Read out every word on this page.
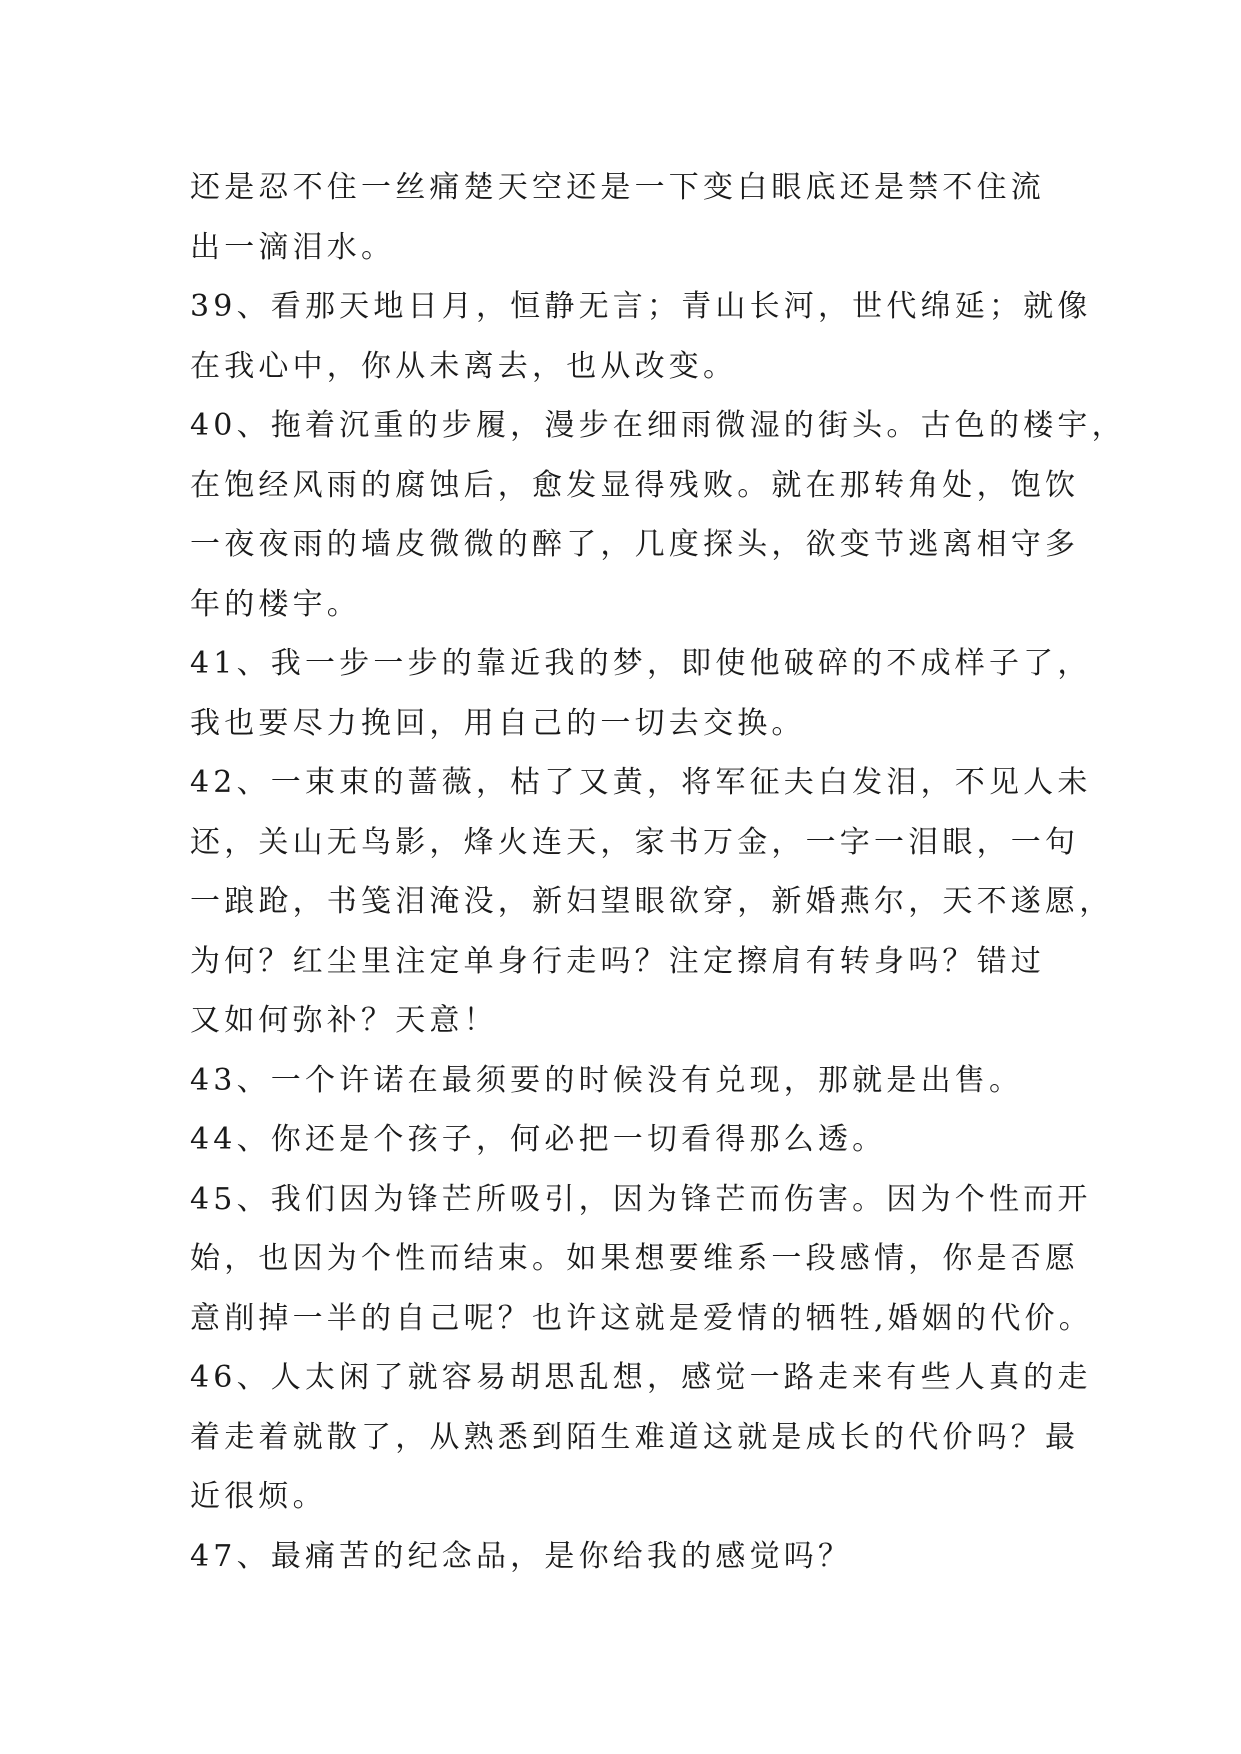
还是忍不住一丝痛楚天空还是一下变白眼底还是禁不住流
出一滴泪水。
39、看那天地日月，恒静无言；青山长河，世代绵延；就像
在我心中，你从未离去，也从改变。
40、拖着沉重的步履，漫步在细雨微湿的街头。古色的楼宇，
在饱经风雨的腐蚀后，愈发显得残败。就在那转角处，饱饮
一夜夜雨的墙皮微微的醉了，几度探头，欲变节逃离相守多
年的楼宇。
41、我一步一步的靠近我的梦，即使他破碎的不成样子了，
我也要尽力挽回，用自己的一切去交换。
42、一束束的蔷薇，枯了又黄，将军征夫白发泪，不见人未
还，关山无鸟影，烽火连天，家书万金，一字一泪眼，一句
一踉跄，书笺泪淹没，新妇望眼欲穿，新婚燕尔，天不遂愿，
为何？红尘里注定单身行走吗？注定擦肩有转身吗？错过
又如何弥补？天意！
43、一个许诺在最须要的时候没有兑现，那就是出售。
44、你还是个孩子，何必把一切看得那么透。
45、我们因为锋芒所吸引，因为锋芒而伤害。因为个性而开
始，也因为个性而结束。如果想要维系一段感情，你是否愿
意削掉一半的自己呢？也许这就是爱情的牺牲,婚姻的代价。
46、人太闲了就容易胡思乱想，感觉一路走来有些人真的走
着走着就散了，从熟悉到陌生难道这就是成长的代价吗？最
近很烦。
47、最痛苦的纪念品，是你给我的感觉吗？
